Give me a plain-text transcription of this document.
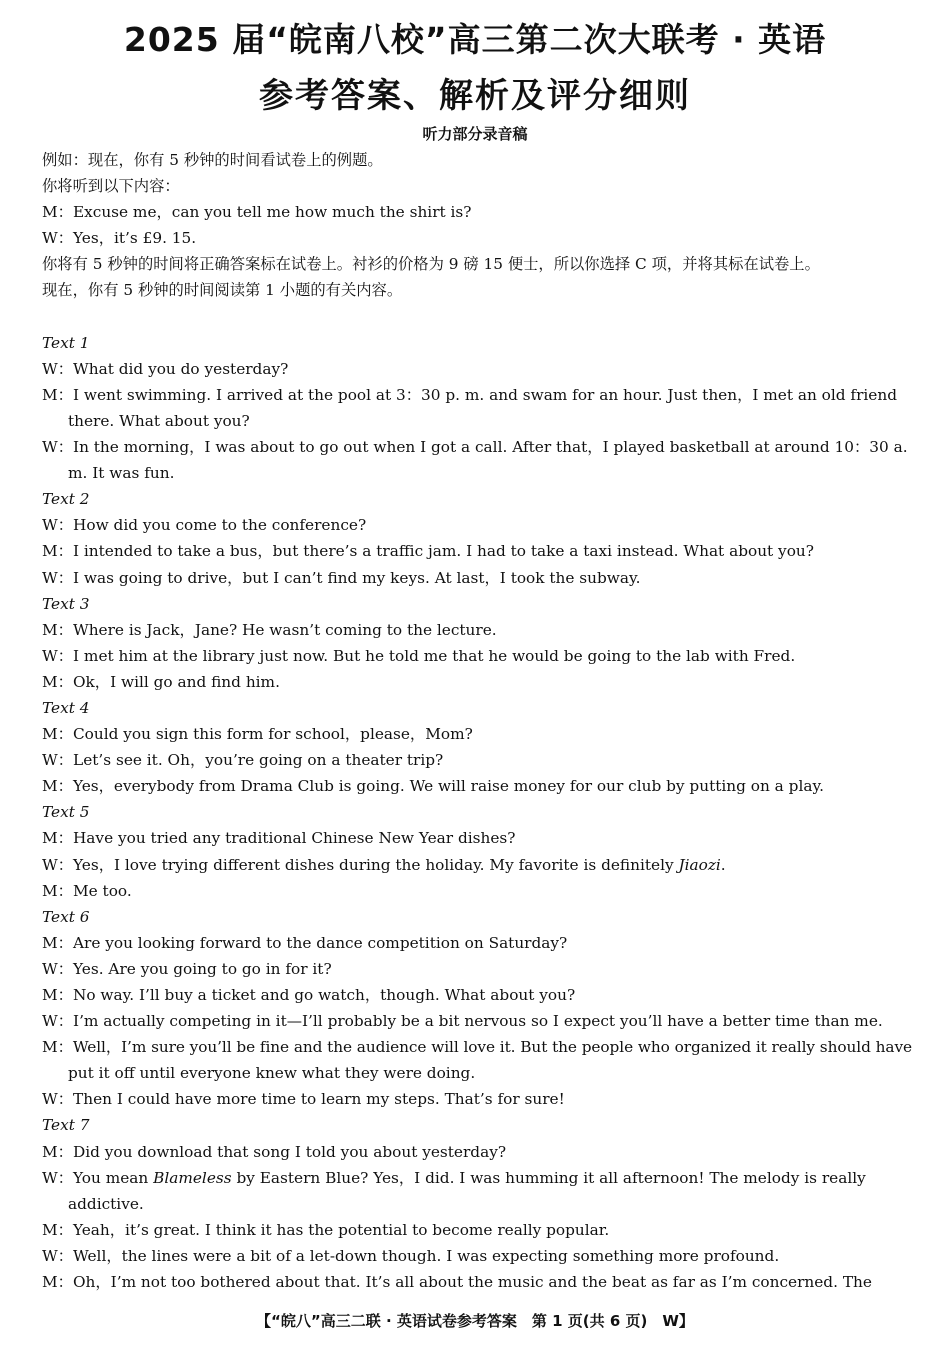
2025 届“皖南八校”高三第二次大联考 · 英语
参考答案、解析及评分细则
听力部分录音稿
例如：现在，你有 5 秒钟的时间看试卷上的例题。
你将听到以下内容：
M：Excuse me，can you tell me how much the shirt is?
W：Yes，it’s £9. 15.
你将有 5 秒钟的时间将正确答案标在试卷上。衬衫的价格为 9 磅 15 便士，所以你选择 C 项，并将其标在试卷上。
现在，你有 5 秒钟的时间阅读第 1 小题的有关内容。
Text 1
W：What did you do yesterday?
M：I went swimming. I arrived at the pool at 3：30 p. m. and swam for an hour. Just then，I met an old friend
there. What about you?
W：In the morning，I was about to go out when I got a call. After that，I played basketball at around 10：30 a.
m. It was fun.
Text 2
W：How did you come to the conference?
M：I intended to take a bus，but there’s a traffic jam. I had to take a taxi instead. What about you?
W：I was going to drive，but I can’t find my keys. At last，I took the subway.
Text 3
M：Where is Jack，Jane? He wasn’t coming to the lecture.
W：I met him at the library just now. But he told me that he would be going to the lab with Fred.
M：Ok，I will go and find him.
Text 4
M：Could you sign this form for school，please，Mom?
W：Let’s see it. Oh，you’re going on a theater trip?
M：Yes，everybody from Drama Club is going. We will raise money for our club by putting on a play.
Text 5
M：Have you tried any traditional Chinese New Year dishes?
W：Yes，I love trying different dishes during the holiday. My favorite is definitely Jiaozi.
M：Me too.
Text 6
M：Are you looking forward to the dance competition on Saturday?
W：Yes. Are you going to go in for it?
M：No way. I’ll buy a ticket and go watch，though. What about you?
W：I’m actually competing in it—I’ll probably be a bit nervous so I expect you’ll have a better time than me.
M：Well，I’m sure you’ll be fine and the audience will love it. But the people who organized it really should have
put it off until everyone knew what they were doing.
W：Then I could have more time to learn my steps. That’s for sure!
Text 7
M：Did you download that song I told you about yesterday?
W：You mean Blameless by Eastern Blue? Yes，I did. I was humming it all afternoon! The melody is really
addictive.
M：Yeah，it’s great. I think it has the potential to become really popular.
W：Well，the lines were a bit of a let-down though. I was expecting something more profound.
M：Oh，I’m not too bothered about that. It’s all about the music and the beat as far as I’m concerned. The
【“皖八”高三二联 · 英语试卷参考答案　第 1 页(共 6 页)　W】
